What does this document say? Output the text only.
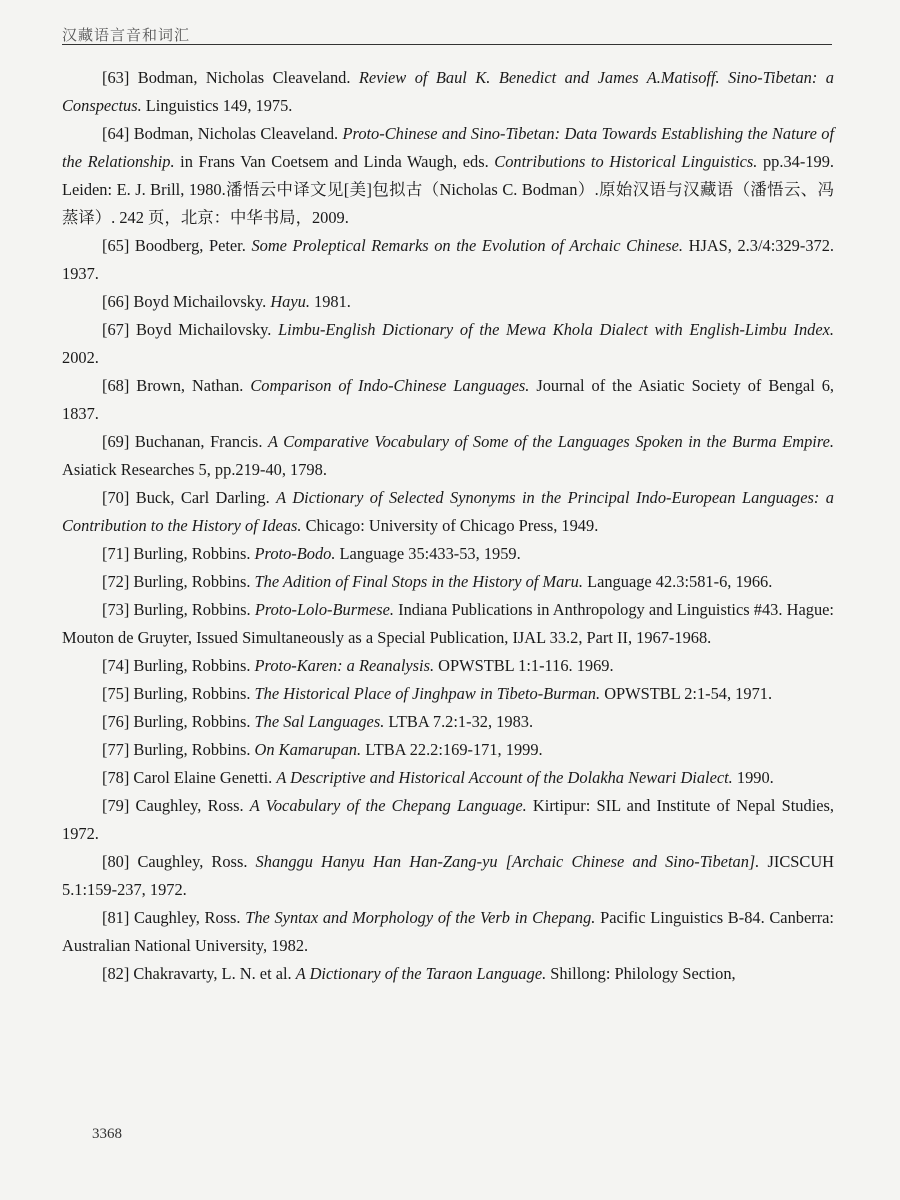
汉藏语言音和词汇

[63] Bodman, Nicholas Cleaveland. Review of Baul K. Benedict and James A.Matisoff. Sino-Tibetan: a Conspectus. Linguistics 149, 1975.

[64] Bodman, Nicholas Cleaveland. Proto-Chinese and Sino-Tibetan: Data Towards Establishing the Nature of the Relationship. in Frans Van Coetsem and Linda Waugh, eds. Contributions to Historical Linguistics. pp.34-199. Leiden: E. J. Brill, 1980.潘悟云中译文见[美]包拟古（Nicholas C. Bodman）.原始汉语与汉藏语（潘悟云、冯蒸译）. 242 页，北京：中华书局，2009.

[65] Boodberg, Peter. Some Proleptical Remarks on the Evolution of Archaic Chinese. HJAS, 2.3/4:329-372. 1937.

[66] Boyd Michailovsky. Hayu. 1981.

[67] Boyd Michailovsky. Limbu-English Dictionary of the Mewa Khola Dialect with English-Limbu Index. 2002.

[68] Brown, Nathan. Comparison of Indo-Chinese Languages. Journal of the Asiatic Society of Bengal 6, 1837.

[69] Buchanan, Francis. A Comparative Vocabulary of Some of the Languages Spoken in the Burma Empire. Asiatick Researches 5, pp.219-40, 1798.

[70] Buck, Carl Darling. A Dictionary of Selected Synonyms in the Principal Indo-European Languages: a Contribution to the History of Ideas. Chicago: University of Chicago Press, 1949.

[71] Burling, Robbins. Proto-Bodo. Language 35:433-53, 1959.

[72] Burling, Robbins. The Adition of Final Stops in the History of Maru. Language 42.3:581-6, 1966.

[73] Burling, Robbins. Proto-Lolo-Burmese. Indiana Publications in Anthropology and Linguistics #43. Hague: Mouton de Gruyter, Issued Simultaneously as a Special Publication, IJAL 33.2, Part II, 1967-1968.

[74] Burling, Robbins. Proto-Karen: a Reanalysis. OPWSTBL 1:1-116. 1969.

[75] Burling, Robbins. The Historical Place of Jinghpaw in Tibeto-Burman. OPWSTBL 2:1-54, 1971.

[76] Burling, Robbins. The Sal Languages. LTBA 7.2:1-32, 1983.

[77] Burling, Robbins. On Kamarupan. LTBA 22.2:169-171, 1999.

[78] Carol Elaine Genetti. A Descriptive and Historical Account of the Dolakha Newari Dialect. 1990.

[79] Caughley, Ross. A Vocabulary of the Chepang Language. Kirtipur: SIL and Institute of Nepal Studies, 1972.

[80] Caughley, Ross. Shanggu Hanyu Han Han-Zang-yu [Archaic Chinese and Sino-Tibetan]. JICSCUH 5.1:159-237, 1972.

[81] Caughley, Ross. The Syntax and Morphology of the Verb in Chepang. Pacific Linguistics B-84. Canberra: Australian National University, 1982.

[82] Chakravarty, L. N. et al. A Dictionary of the Taraon Language. Shillong: Philology Section,

3368
